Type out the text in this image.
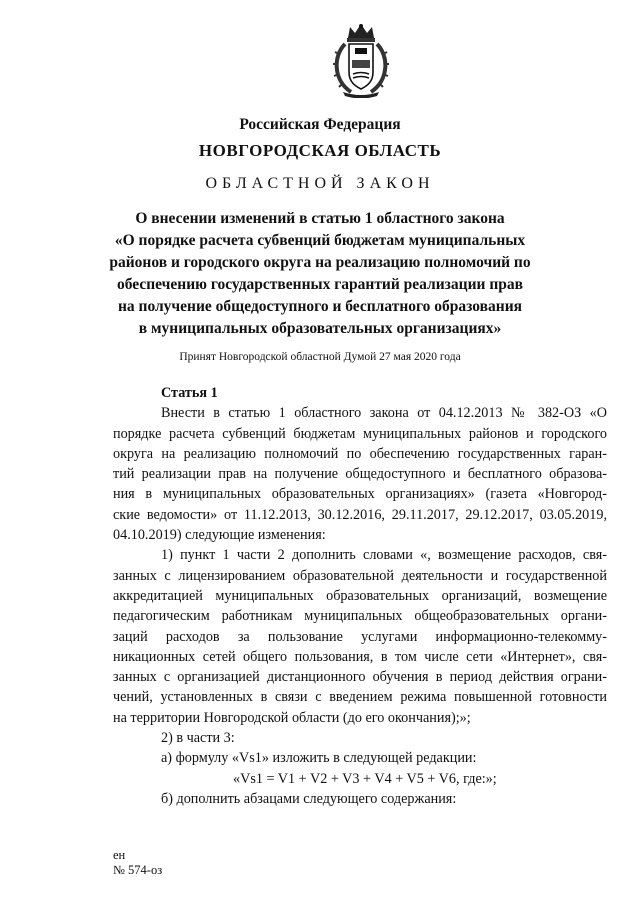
Российская Федерация
НОВГОРОДСКАЯ ОБЛАСТЬ
ОБЛАСТНОЙ ЗАКОН
О внесении изменений в статью 1 областного закона
«О порядке расчета субвенций бюджетам муниципальных
районов и городского округа на реализацию полномочий по
обеспечению государственных гарантий реализации прав
на получение общедоступного и бесплатного образования
в муниципальных образовательных организациях»
Принят Новгородской областной Думой 27 мая 2020 года
Статья 1
Внести в статью 1 областного закона от 04.12.2013 № 382-ОЗ «О
порядке расчета субвенций бюджетам муниципальных районов и городского
округа на реализацию полномочий по обеспечению государственных гаран-
тий реализации прав на получение общедоступного и бесплатного образова-
ния в муниципальных образовательных организациях» (газета «Новгород-
ские ведомости» от 11.12.2013, 30.12.2016, 29.11.2017, 29.12.2017, 03.05.2019,
04.10.2019) следующие изменения:
1) пункт 1 части 2 дополнить словами «, возмещение расходов, свя-
занных с лицензированием образовательной деятельности и государственной
аккредитацией муниципальных образовательных организаций, возмещение
педагогическим работникам муниципальных общеобразовательных органи-
заций расходов за пользование услугами информационно-телекомму-
никационных сетей общего пользования, в том числе сети «Интернет», свя-
занных с организацией дистанционного обучения в период действия ограни-
чений, установленных в связи с введением режима повышенной готовности
на территории Новгородской области (до его окончания);»;
2) в части 3:
а) формулу «Vs1» изложить в следующей редакции:
«Vs1 = V1 + V2 + V3 + V4 + V5 + V6, где:»;
б) дополнить абзацами следующего содержания:
ен
№ 574-оз
